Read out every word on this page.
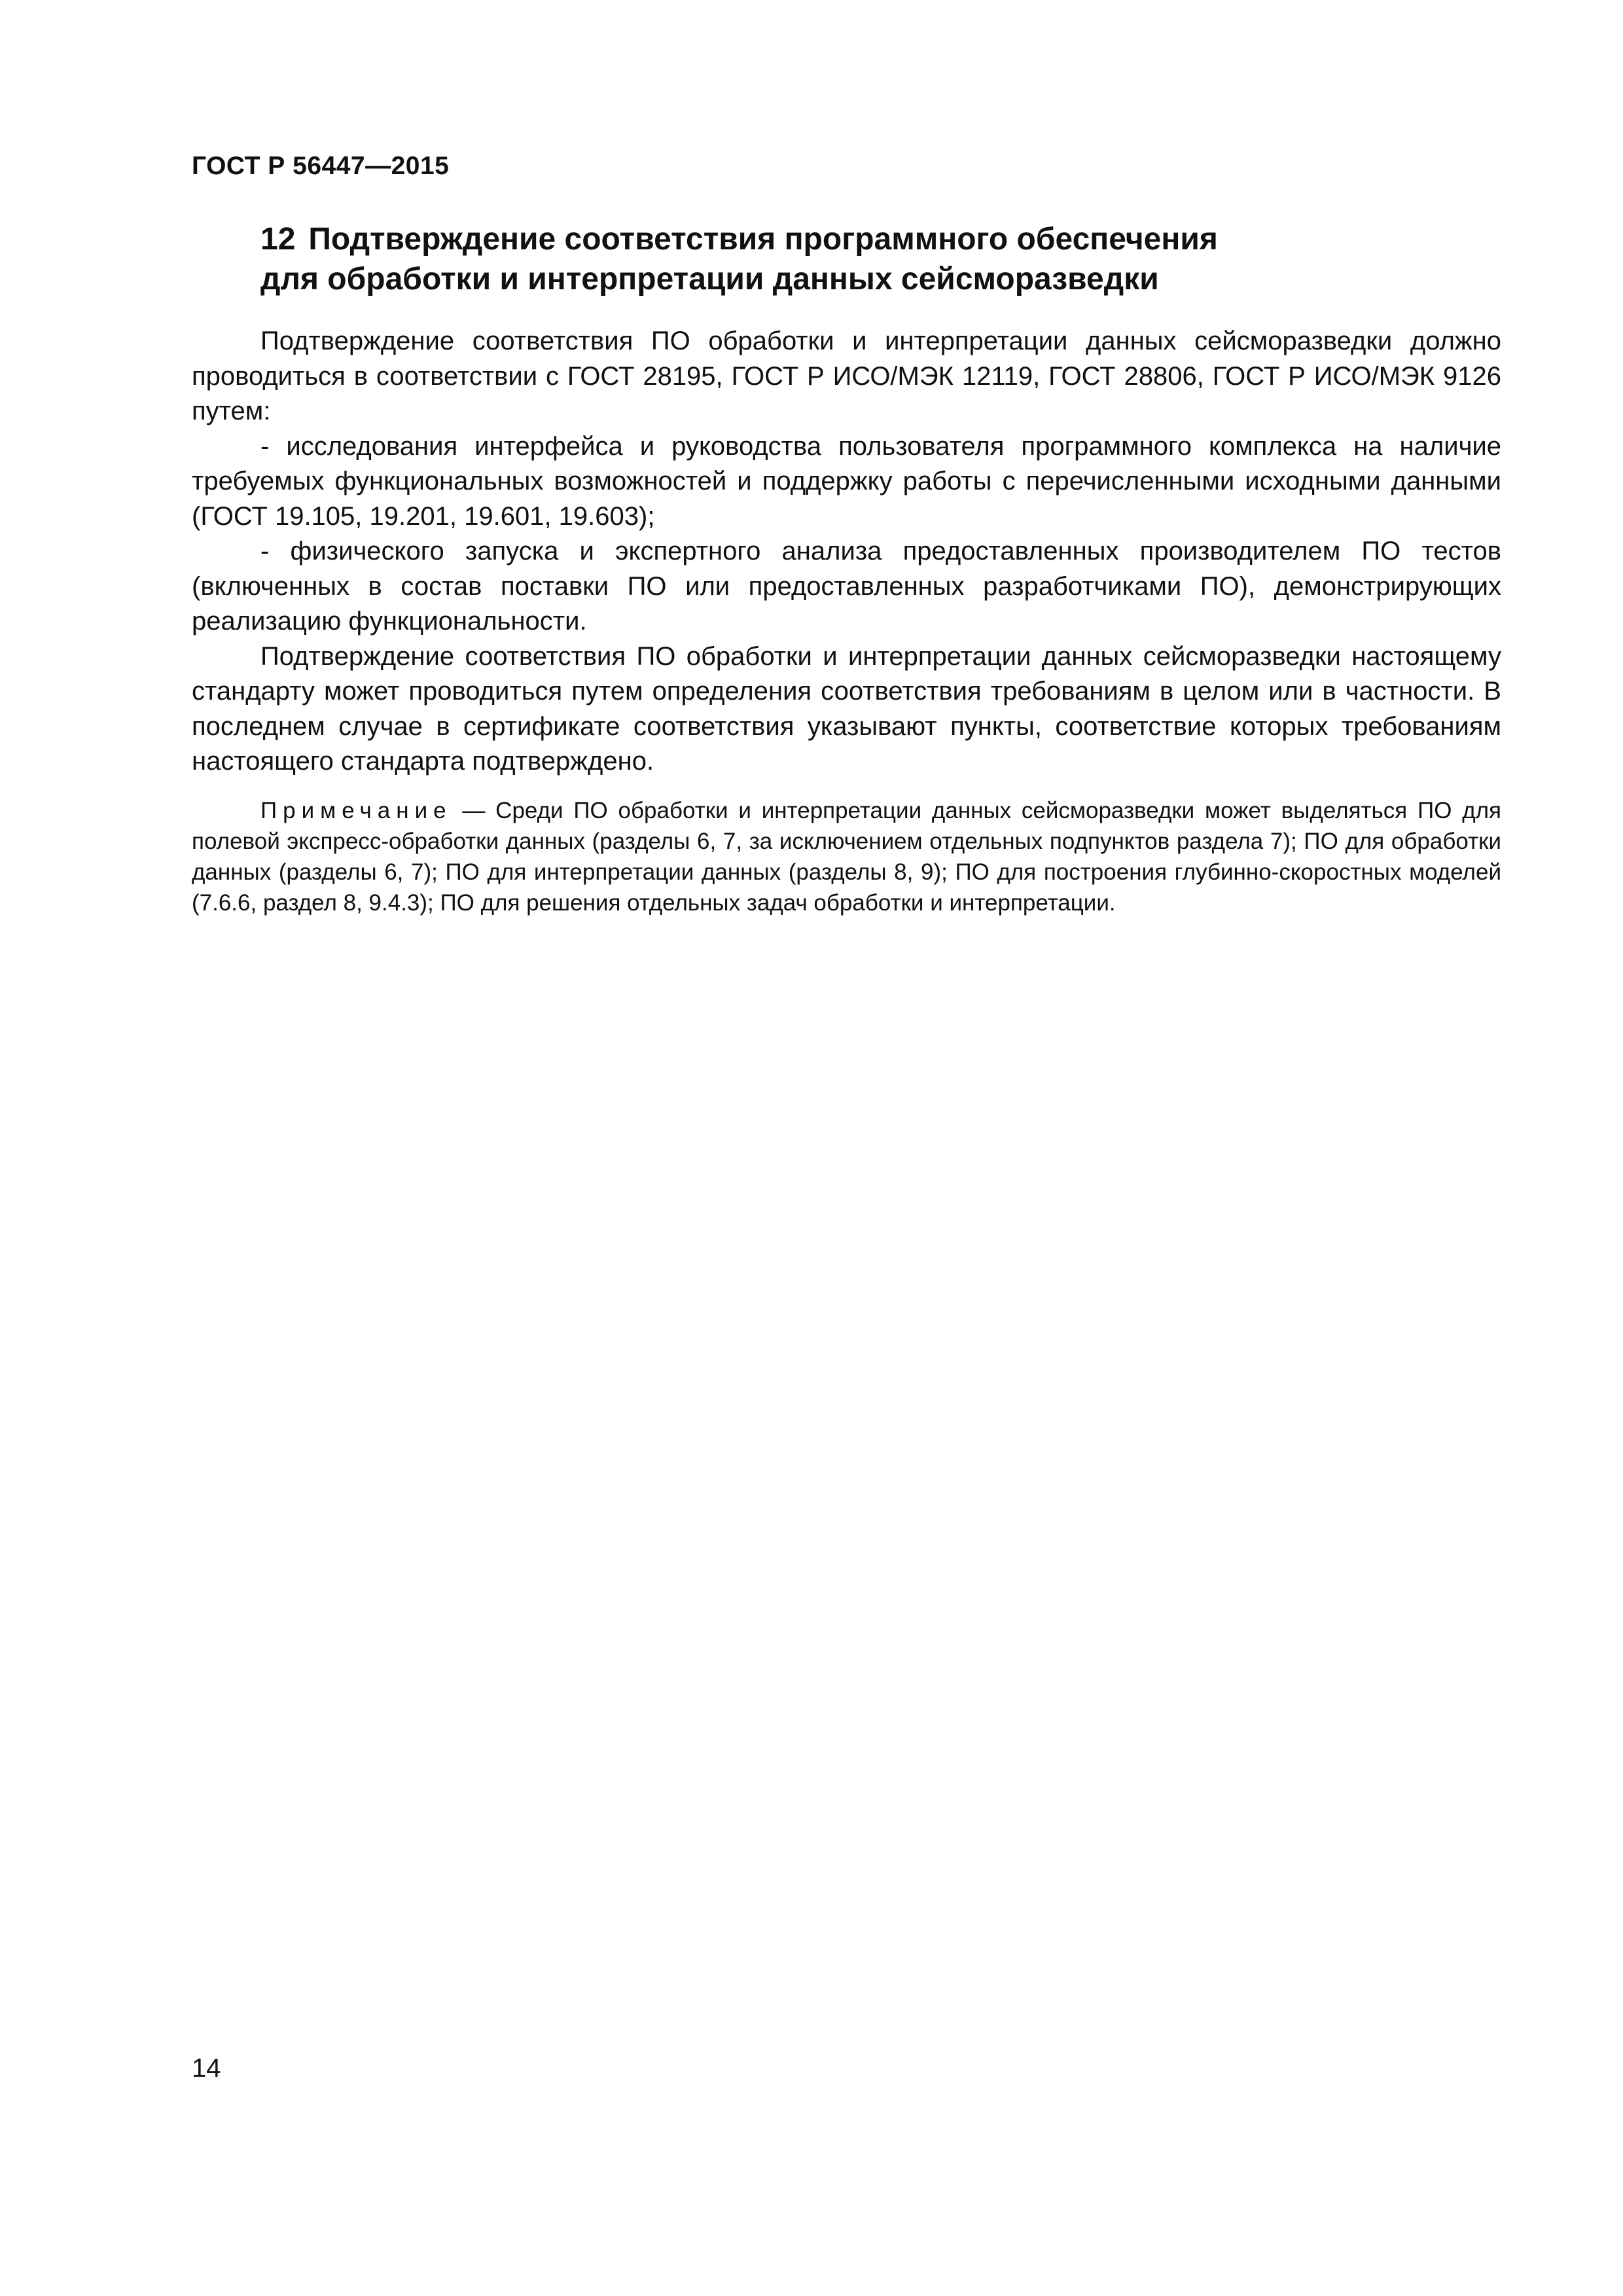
ГОСТ Р 56447—2015

12 Подтверждение соответствия программного обеспечения
для обработки и интерпретации данных сейсморазведки

Подтверждение соответствия ПО обработки и интерпретации данных сейсморазведки должно проводиться в соответствии с ГОСТ 28195, ГОСТ Р ИСО/МЭК 12119, ГОСТ 28806, ГОСТ Р ИСО/МЭК 9126 путем:

- исследования интерфейса и руководства пользователя программного комплекса на наличие требуемых функциональных возможностей и поддержку работы с перечисленными исходными данными (ГОСТ 19.105, 19.201, 19.601, 19.603);

- физического запуска и экспертного анализа предоставленных производителем ПО тестов (включенных в состав поставки ПО или предоставленных разработчиками ПО), демонстрирующих реализацию функциональности.

Подтверждение соответствия ПО обработки и интерпретации данных сейсморазведки настоящему стандарту может проводиться путем определения соответствия требованиям в целом или в частности. В последнем случае в сертификате соответствия указывают пункты, соответствие которых требованиям настоящего стандарта подтверждено.

Примечание — Среди ПО обработки и интерпретации данных сейсморазведки может выделяться ПО для полевой экспресс-обработки данных (разделы 6, 7, за исключением отдельных подпунктов раздела 7); ПО для обработки данных (разделы 6, 7); ПО для интерпретации данных (разделы 8, 9); ПО для построения глубинно-скоростных моделей (7.6.6, раздел 8, 9.4.3); ПО для решения отдельных задач обработки и интерпретации.

14
